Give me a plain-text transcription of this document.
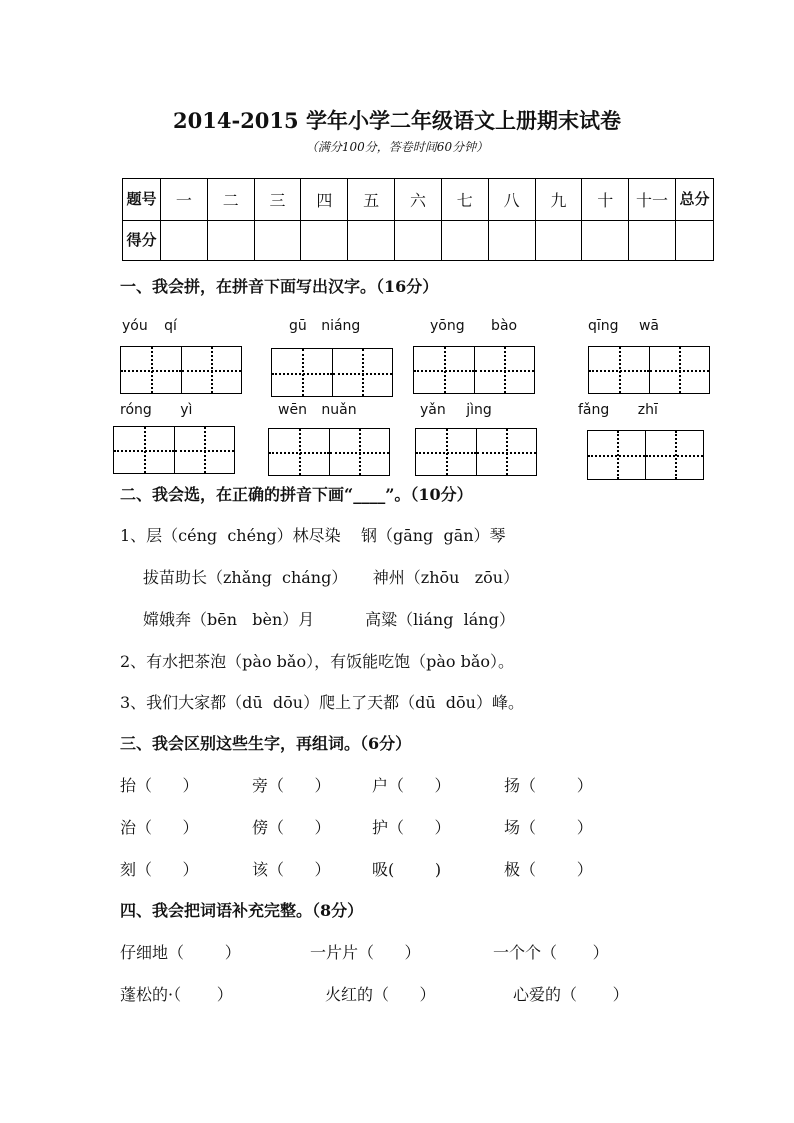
2014-2015 学年小学二年级语文上册期末试卷
（满分100分，答卷时间60分钟）
题号	一	二	三	四	五	六	七	八	九	十	十一	总分
得分												
一、我会拼，在拼音下面写出汉字。（16分）
yóu qí	gū niáng	yōng bào	qīng wā
róng yì	wēn nuǎn	yǎn jìng	fǎng zhī
二、我会选，在正确的拼音下画“____”。（10分）
1、层（céng  chéng）林尽染    钢（gāng  gān）琴
拔苗助长（zhǎng  cháng）     神州（zhōu   zōu）
嫦娥奔（bēn   bèn）月          高粱（liáng  láng）
2、有水把茶泡（pào bǎo），有饭能吃饱（pào bǎo）。
3、我们大家都（dū  dōu）爬上了天都（dū  dōu）峰。
三、我会区别这些生字，再组词。（6分）
抬（      ）	旁（      ）	户（      ）	扬（        ）
治（      ）	傍（      ）	护（      ）	场（        ）
刻（      ）	该（      ）	吸(        )	极（        ）
四、我会把词语补充完整。（8分）
仔细地（        ）	一片片（      ）	一个个（       ）
蓬松的·（       ）	火红的（      ）	心爱的（       ）
